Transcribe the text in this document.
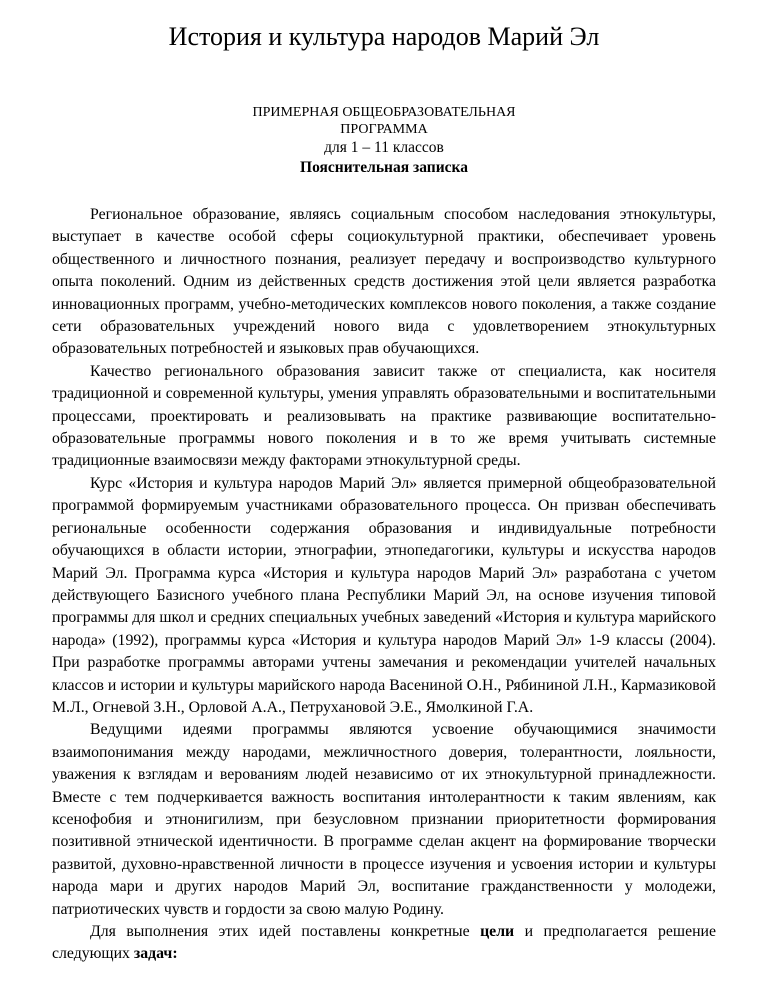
История и культура народов Марий Эл
ПРИМЕРНАЯ ОБЩЕОБРАЗОВАТЕЛЬНАЯ
ПРОГРАММА
для 1 – 11 классов
Пояснительная записка

Региональное образование, являясь социальным способом наследования этнокультуры, выступает в качестве особой сферы социокультурной практики, обеспечивает уровень общественного и личностного познания, реализует передачу и воспроизводство культурного опыта поколений. Одним из действенных средств достижения этой цели является разработка инновационных программ, учебно-методических комплексов нового поколения, а также создание сети образовательных учреждений нового вида с удовлетворением этнокультурных образовательных потребностей и языковых прав обучающихся.

Качество регионального образования зависит также от специалиста, как носителя традиционной и современной культуры, умения управлять образовательными и воспитательными процессами, проектировать и реализовывать на практике развивающие воспитательно-образовательные программы нового поколения и в то же время учитывать системные традиционные взаимосвязи между факторами этнокультурной среды.

Курс «История и культура народов Марий Эл» является примерной общеобразовательной программой формируемым участниками образовательного процесса. Он призван обеспечивать региональные особенности содержания образования и индивидуальные потребности обучающихся в области истории, этнографии, этнопедагогики, культуры и искусства народов Марий Эл. Программа курса «История и культура народов Марий Эл» разработана с учетом действующего Базисного учебного плана Республики Марий Эл, на основе изучения типовой программы для школ и средних специальных учебных заведений «История и культура марийского народа» (1992), программы курса «История и культура народов Марий Эл» 1-9 классы (2004). При разработке программы авторами учтены замечания и рекомендации учителей начальных классов и истории и культуры марийского народа Васениной О.Н., Рябининой Л.Н., Кармазиковой М.Л., Огневой З.Н., Орловой А.А., Петрухановой Э.Е., Ямолкиной Г.А.

Ведущими идеями программы являются усвоение обучающимися значимости взаимопонимания между народами, межличностного доверия, толерантности, лояльности, уважения к взглядам и верованиям людей независимо от их этнокультурной принадлежности. Вместе с тем подчеркивается важность воспитания интолерантности к таким явлениям, как ксенофобия и этнонигилизм, при безусловном признании приоритетности формирования позитивной этнической идентичности. В программе сделан акцент на формирование творчески развитой, духовно-нравственной личности в процессе изучения и усвоения истории и культуры народа мари и других народов Марий Эл, воспитание гражданственности у молодежи, патриотических чувств и гордости за свою малую Родину.

Для выполнения этих идей поставлены конкретные цели и предполагается решение следующих задач:
